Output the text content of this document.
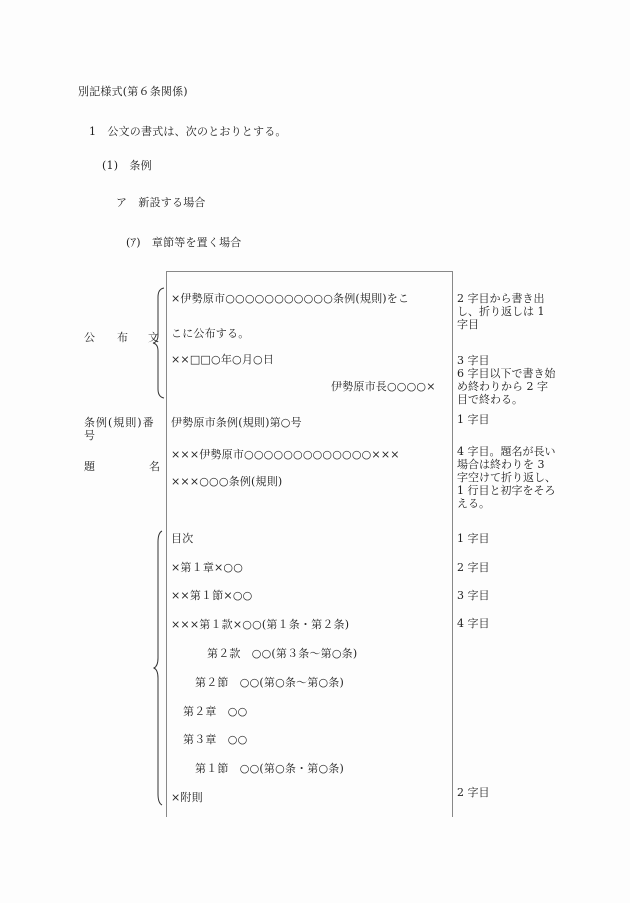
別記様式(第６条関係)
1　公文の書式は、次のとおりとする。
(1)　条例
ア　新設する場合
(ｱ)　章節等を置く場合
公 布 文
条例(規則)番
号
題	名
×伊勢原市○○○○○○○○○○○条例(規則)をこ
こに公布する。
××□□○年○月○日
伊勢原市長○○○○×
伊勢原市条例(規則)第○号
×××伊勢原市○○○○○○○○○○○○○×××
×××○○○条例(規則)
目次
×第１章×○○
××第１節×○○
×××第１款×○○(第１条・第２条)
第２款　○○(第３条～第○条)
第２節　○○(第○条～第○条)
第２章　○○
第３章　○○
第１節　○○(第○条・第○条)
×附則
2 字目から書き出し、折り返しは 1 字目
3 字目
6 字目以下で書き始め終わりから 2 字目で終わる。
1 字目
4 字目。題名が長い場合は終わりを 3 字空けて折り返し、1 行目と初字をそろえる。
1 字目
2 字目
3 字目
4 字目
2 字目
